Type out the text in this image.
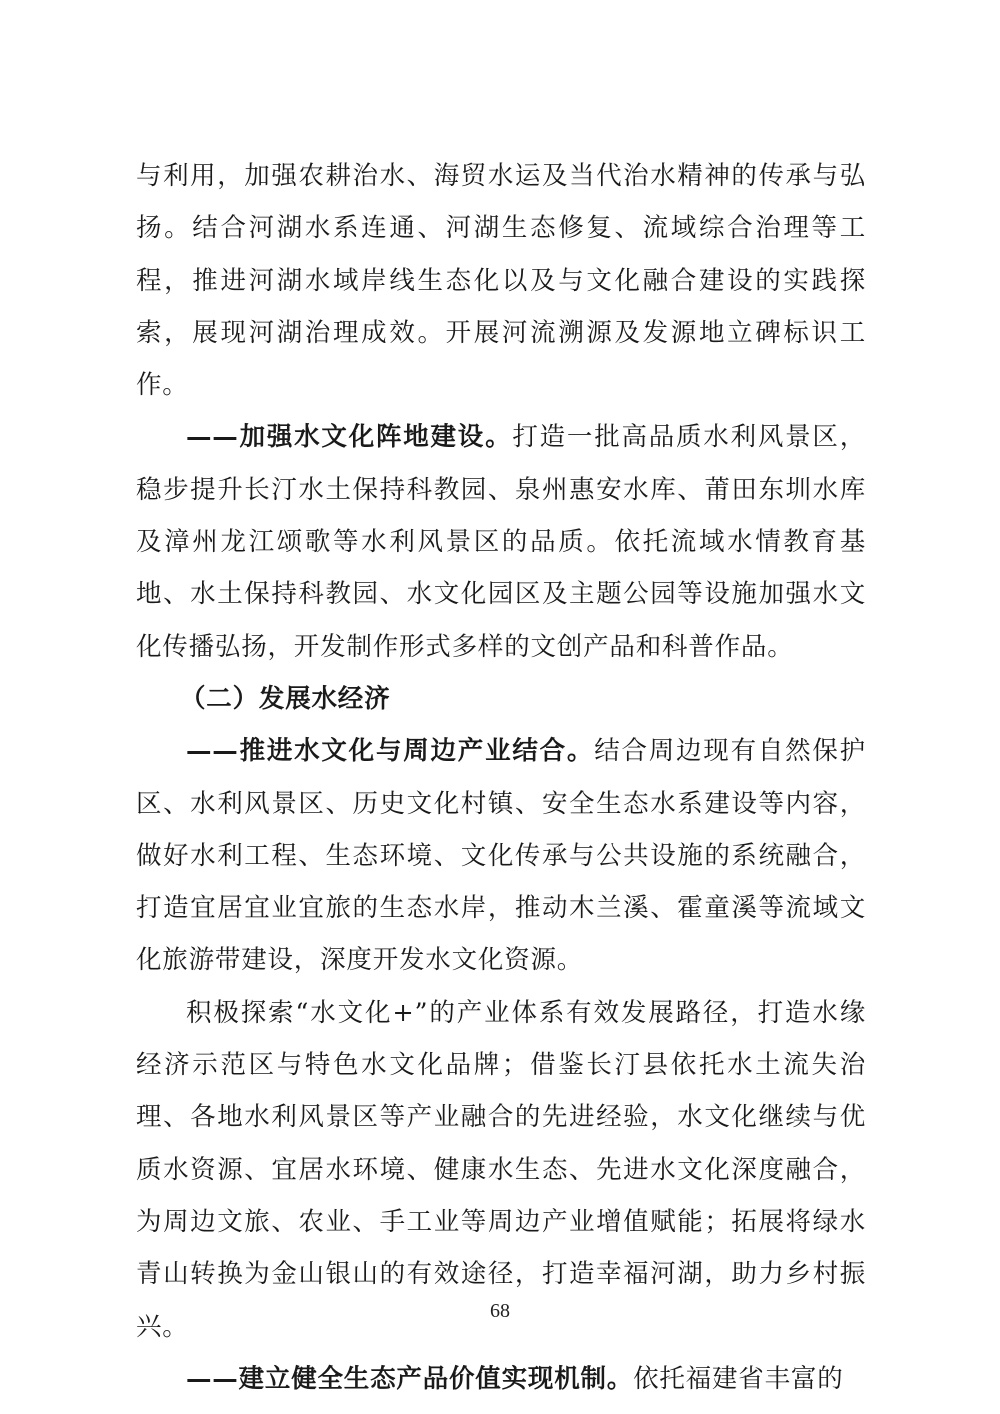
与利用，加强农耕治水、海贸水运及当代治水精神的传承与弘扬。结合河湖水系连通、河湖生态修复、流域综合治理等工程，推进河湖水域岸线生态化以及与文化融合建设的实践探索，展现河湖治理成效。开展河流溯源及发源地立碑标识工作。

——加强水文化阵地建设。打造一批高品质水利风景区，稳步提升长汀水土保持科教园、泉州惠安水库、莆田东圳水库及漳州龙江颂歌等水利风景区的品质。依托流域水情教育基地、水土保持科教园、水文化园区及主题公园等设施加强水文化传播弘扬，开发制作形式多样的文创产品和科普作品。

（二）发展水经济

——推进水文化与周边产业结合。结合周边现有自然保护区、水利风景区、历史文化村镇、安全生态水系建设等内容，做好水利工程、生态环境、文化传承与公共设施的系统融合，打造宜居宜业宜旅的生态水岸，推动木兰溪、霍童溪等流域文化旅游带建设，深度开发水文化资源。

积极探索“水文化+”的产业体系有效发展路径，打造水缘经济示范区与特色水文化品牌；借鉴长汀县依托水土流失治理、各地水利风景区等产业融合的先进经验，水文化继续与优质水资源、宜居水环境、健康水生态、先进水文化深度融合，为周边文旅、农业、手工业等周边产业增值赋能；拓展将绿水青山转换为金山银山的有效途径，打造幸福河湖，助力乡村振兴。

——建立健全生态产品价值实现机制。依托福建省丰富的

68
